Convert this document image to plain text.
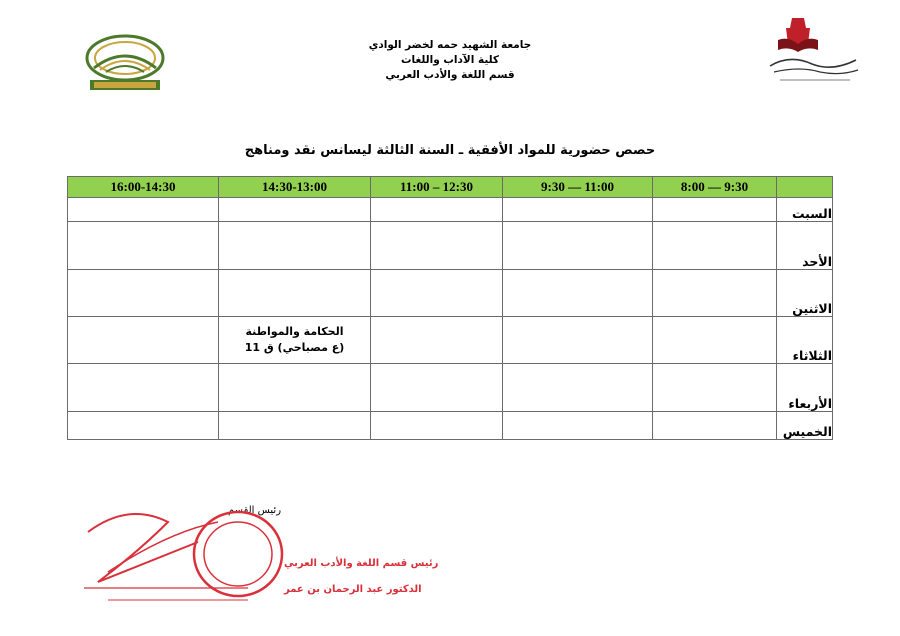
جامعة الشهيد حمه لخضر الوادي
كلية الآداب واللغات
قسم اللغة والأدب العربي
حصص حضورية للمواد الأفقية ـ السنة الثالثة ليسانس نقد ومناهج
	8:00 — 9:30	9:30 — 11:00	11:00 – 12:30	14:30-13:00	16:00-14:30
السبت					
الأحد					
الاثنين					
الثلاثاء				الحكامة والمواطنة
(ع مصباحي) ق 11	
الأربعاء					
الخميس					
رئيس القسم
رئيس قسم اللغة والأدب العربي
الدكتور عبد الرحمان بن عمر
